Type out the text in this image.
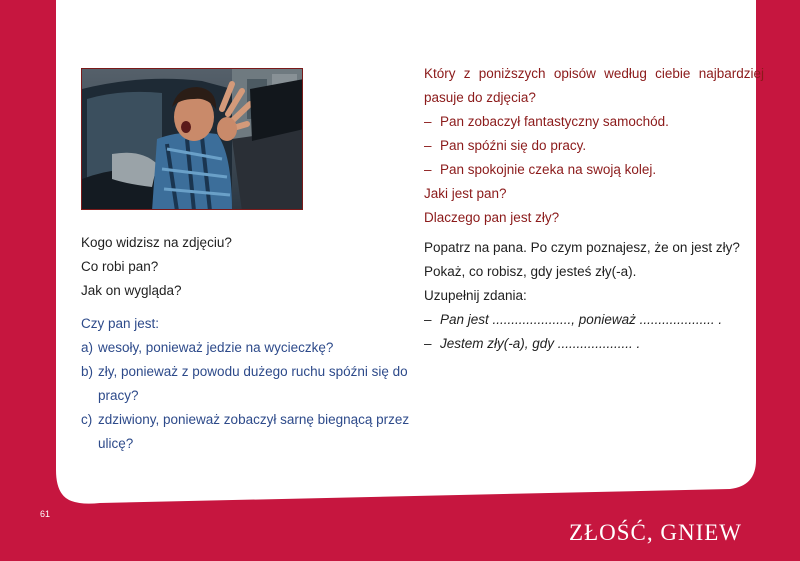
Kogo widzisz na zdjęciu?
Co robi pan?
Jak on wygląda?
Czy pan jest:
a) wesoły, ponieważ jedzie na wycieczkę?
b) zły, ponieważ z powodu dużego ruchu spóźni się do pracy?
c) zdziwiony, ponieważ zobaczył sarnę biegnącą przez ulicę?
Który z poniższych opisów według ciebie najbardziej
pasuje do zdjęcia?
– Pan zobaczył fantastyczny samochód.
– Pan spóźni się do pracy.
– Pan spokojnie czeka na swoją kolej.
Jaki jest pan?
Dlaczego pan jest zły?
Popatrz na pana. Po czym poznajesz, że on jest zły?
Pokaż, co robisz, gdy jesteś zły(-a).
Uzupełnij zdania:
– Pan jest ....................., ponieważ .................... .
– Jestem zły(-a), gdy .................... .
61
ZŁOŚĆ, GNIEW
